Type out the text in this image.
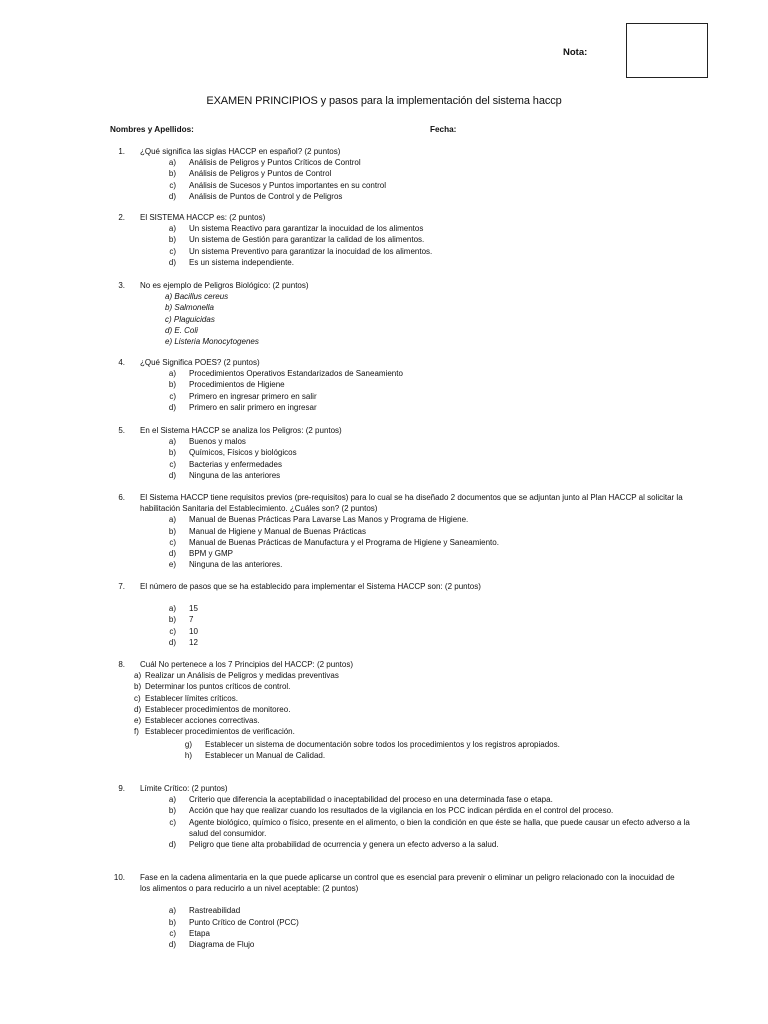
Nota:
EXAMEN PRINCIPIOS y pasos para la implementación del sistema haccp
Nombres y Apellidos:	Fecha:
1.	¿Qué significa las siglas HACCP en español? (2 puntos)
a)	Análisis de Peligros y Puntos Críticos de Control
b)	Análisis de Peligros y Puntos de Control
c)	Análisis de Sucesos y Puntos importantes en su control
d)	Análisis de Puntos de Control y de Peligros
2.	El SISTEMA HACCP es: (2 puntos)
a)	Un sistema Reactivo para garantizar la inocuidad de los alimentos
b)	Un sistema de Gestión para garantizar la calidad de los alimentos.
c)	Un sistema Preventivo para garantizar la inocuidad de los alimentos.
d)	Es un sistema independiente.
3.	No es ejemplo de Peligros Biológico: (2 puntos)
a) Bacillus cereus
b) Salmonella
c) Plaguicidas
d) E. Coli
e) Listeria Monocytogenes
4.	¿Qué Significa POES? (2 puntos)
a)	Procedimientos Operativos Estandarizados de Saneamiento
b)	Procedimientos de Higiene
c)	Primero en ingresar primero en salir
d)	Primero en salir primero en ingresar
5.	En el Sistema HACCP se analiza los Peligros: (2 puntos)
a)	Buenos y malos
b)	Químicos, Físicos y biológicos
c)	Bacterias y enfermedades
d)	Ninguna de las anteriores
6.	El Sistema HACCP tiene requisitos previos (pre-requisitos) para lo cual se ha diseñado 2 documentos que se adjuntan junto al Plan HACCP al solicitar la habilitación Sanitaria del Establecimiento. ¿Cuáles son? (2 puntos)
a)	Manual de Buenas Prácticas Para Lavarse Las Manos y Programa de Higiene.
b)	Manual de Higiene y Manual de Buenas Prácticas
c)	Manual de Buenas Prácticas de Manufactura y el Programa de Higiene y Saneamiento.
d)	BPM y GMP
e)	Ninguna de las anteriores.
7.	El número de pasos que se ha establecido para implementar el Sistema HACCP son: (2 puntos)
a)	15
b)	7
c)	10
d)	12
8.	Cuál No pertenece a los 7 Principios del HACCP: (2 puntos)
a) Realizar un Análisis de Peligros y medidas preventivas
b) Determinar los puntos críticos de control.
c) Establecer límites críticos.
d) Establecer procedimientos de monitoreo.
e) Establecer acciones correctivas.
f) Establecer procedimientos de verificación.
g)	Establecer un sistema de documentación sobre todos los procedimientos y los registros apropiados.
h)	Establecer un Manual de Calidad.
9.	Límite Crítico: (2 puntos)
a)	Criterio que diferencia la aceptabilidad o inaceptabilidad del proceso en una determinada fase o etapa.
b)	Acción que hay que realizar cuando los resultados de la vigilancia en los PCC indican pérdida en el control del proceso.
c)	Agente biológico, químico o físico, presente en el alimento, o bien la condición en que éste se halla, que puede causar un efecto adverso a la salud del consumidor.
d)	Peligro que tiene alta probabilidad de ocurrencia y genera un efecto adverso a la salud.
10.	Fase en la cadena alimentaria en la que puede aplicarse un control que es esencial para prevenir o eliminar un peligro relacionado con la inocuidad de los alimentos o para reducirlo a un nivel aceptable: (2 puntos)
a)	Rastreabilidad
b)	Punto Crítico de Control (PCC)
c)	Etapa
d)	Diagrama de Flujo
